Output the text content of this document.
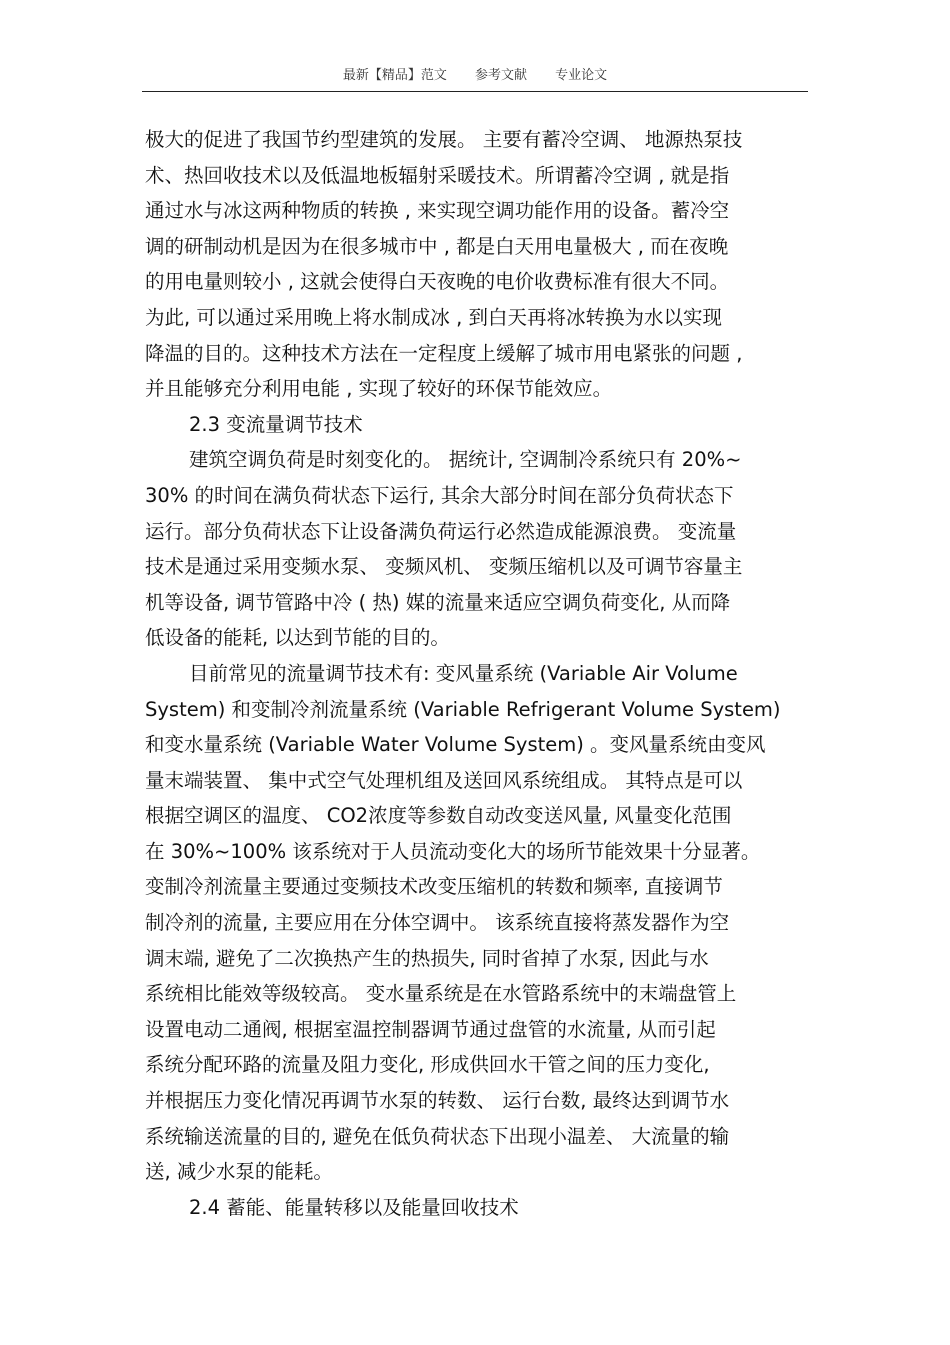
最新【精品】范文 参考文献 专业论文
极大的促进了我国节约型建筑的发展。 主要有蓄冷空调、 地源热泵技
术、热回收技术以及低温地板辐射采暖技术。所谓蓄冷空调 , 就是指
通过水与冰这两种物质的转换 , 来实现空调功能作用的设备。蓄冷空
调的研制动机是因为在很多城市中 , 都是白天用电量极大 , 而在夜晚
的用电量则较小 , 这就会使得白天夜晚的电价收费标准有很大不同。
为此, 可以通过采用晚上将水制成冰 , 到白天再将冰转换为水以实现
降温的目的。这种技术方法在一定程度上缓解了城市用电紧张的问题 ,
并且能够充分利用电能 , 实现了较好的环保节能效应。
2.3 变流量调节技术
建筑空调负荷是时刻变化的。 据统计, 空调制冷系统只有 20%~
30% 的时间在满负荷状态下运行, 其余大部分时间在部分负荷状态下
运行。部分负荷状态下让设备满负荷运行必然造成能源浪费。 变流量
技术是通过采用变频水泵、 变频风机、 变频压缩机以及可调节容量主
机等设备, 调节管路中冷 ( 热) 媒的流量来适应空调负荷变化, 从而降
低设备的能耗, 以达到节能的目的。
目前常见的流量调节技术有: 变风量系统 (Variable Air Volume
System) 和变制冷剂流量系统 (Variable Refrigerant Volume System)
和变水量系统 (Variable Water Volume System) 。变风量系统由变风
量末端装置、 集中式空气处理机组及送回风系统组成。 其特点是可以
根据空调区的温度、 CO2浓度等参数自动改变送风量, 风量变化范围
在 30%~100% 该系统对于人员流动变化大的场所节能效果十分显著。
变制冷剂流量主要通过变频技术改变压缩机的转数和频率, 直接调节
制冷剂的流量, 主要应用在分体空调中。 该系统直接将蒸发器作为空
调末端, 避免了二次换热产生的热损失, 同时省掉了水泵, 因此与水
系统相比能效等级较高。 变水量系统是在水管路系统中的末端盘管上
设置电动二通阀, 根据室温控制器调节通过盘管的水流量, 从而引起
系统分配环路的流量及阻力变化, 形成供回水干管之间的压力变化,
并根据压力变化情况再调节水泵的转数、 运行台数, 最终达到调节水
系统输送流量的目的, 避免在低负荷状态下出现小温差、 大流量的输
送, 减少水泵的能耗。
2.4 蓄能、能量转移以及能量回收技术
